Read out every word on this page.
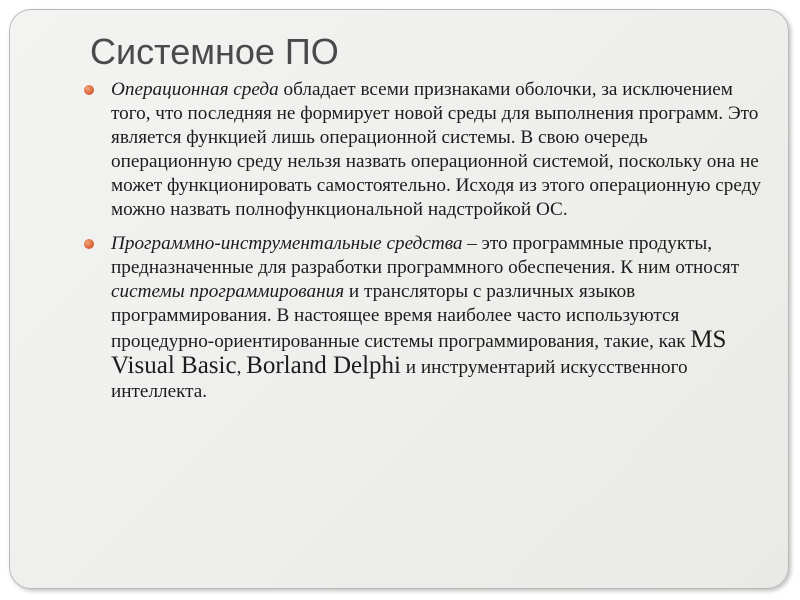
Системное ПО
Операционная среда обладает всеми признаками оболочки, за исключением того, что последняя не формирует новой среды для выполнения программ. Это является функцией лишь операционной системы. В свою очередь операционную среду нельзя назвать операционной системой, поскольку она не может функционировать самостоятельно. Исходя из этого операционную среду можно назвать полнофункциональной надстройкой ОС.
Программно-инструментальные средства – это программные продукты, предназначенные для разработки программного обеспечения. К ним относят системы программирования и трансляторы с различных языков программирования. В настоящее время наиболее часто используются процедурно-ориентированные системы программирования, такие, как MS Visual Basic, Borland Delphi и инструментарий искусственного интеллекта.
